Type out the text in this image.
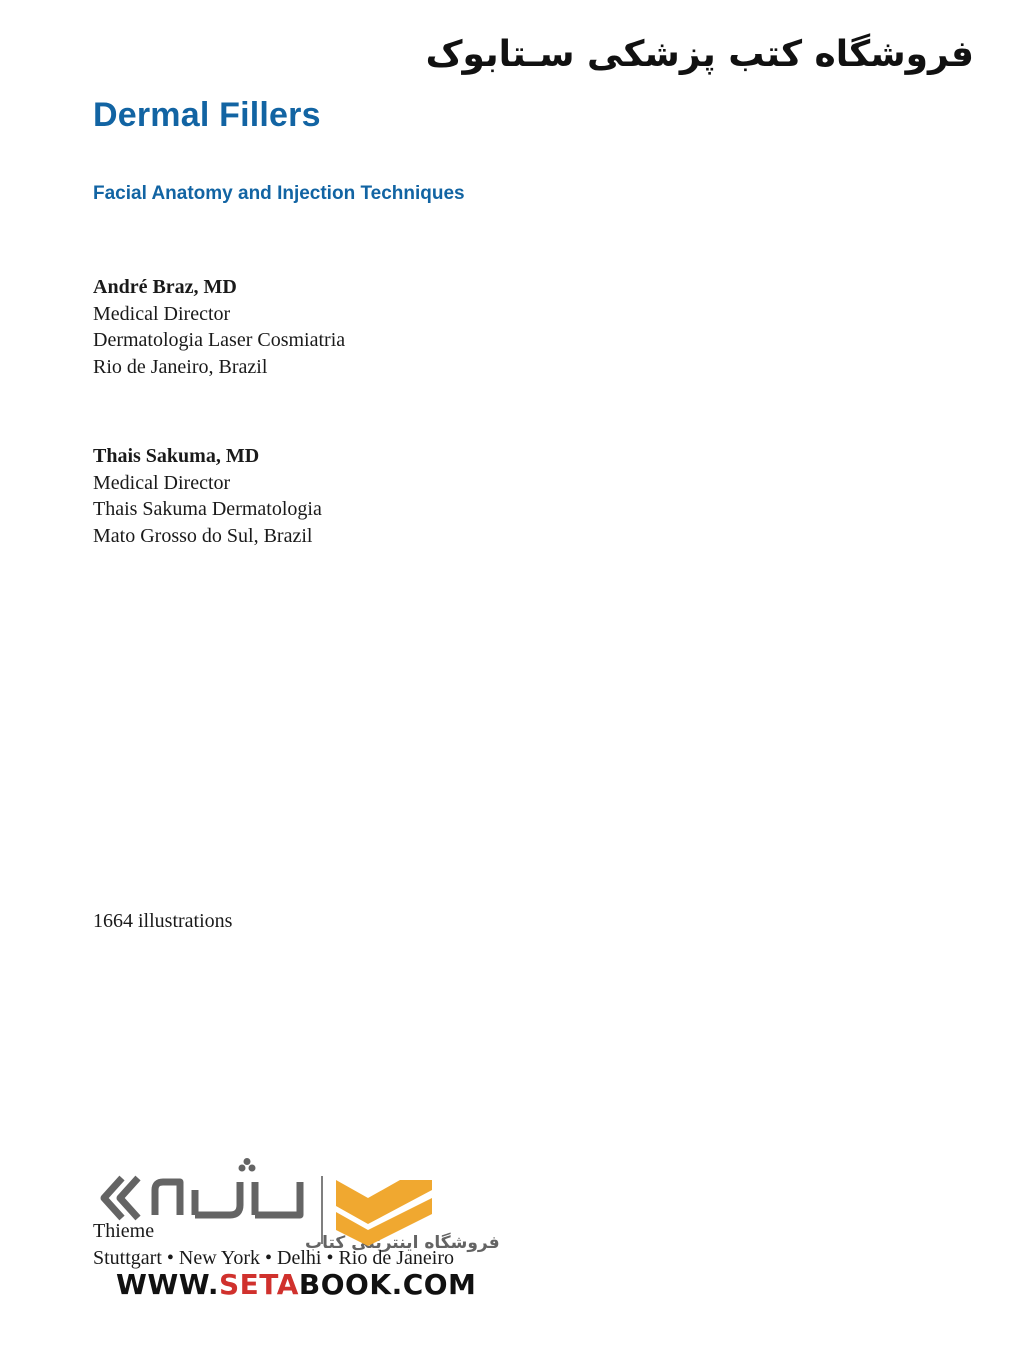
فروشگاه کتب پزشکی سـتابوک
Dermal Fillers
Facial Anatomy and Injection Techniques
André Braz, MD
Medical Director
Dermatologia Laser Cosmiatria
Rio de Janeiro, Brazil
Thais Sakuma, MD
Medical Director
Thais Sakuma Dermatologia
Mato Grosso do Sul, Brazil
1664 illustrations
Thieme
Stuttgart • New York • Delhi • Rio de Janeiro
فروشگاه اینترنتی کتاب
WWW.SETABOOK.COM
